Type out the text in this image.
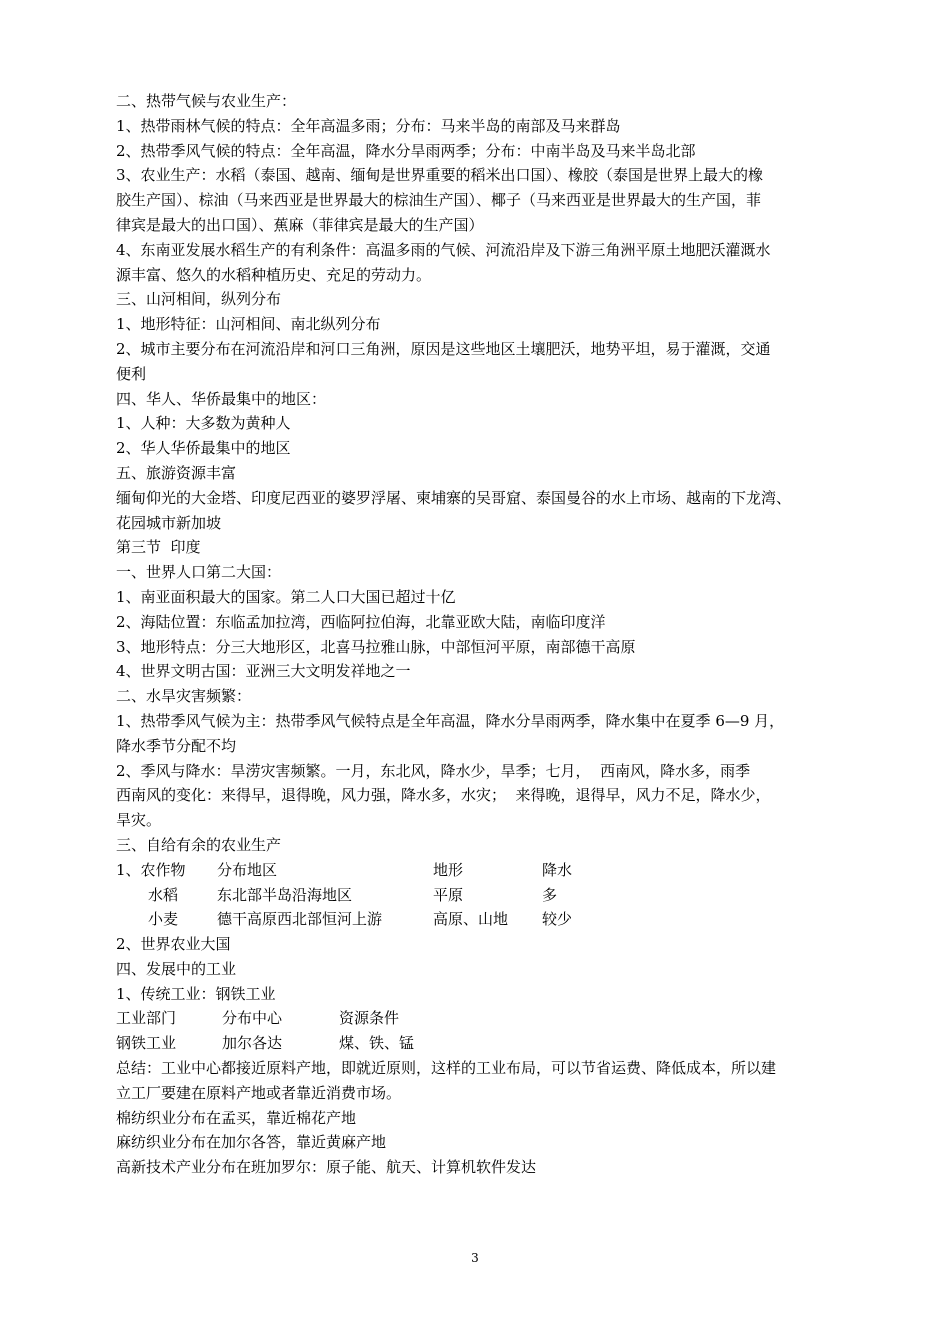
二、热带气候与农业生产：
1、热带雨林气候的特点：全年高温多雨；分布：马来半岛的南部及马来群岛
2、热带季风气候的特点：全年高温，降水分旱雨两季；分布：中南半岛及马来半岛北部
3、农业生产：水稻（泰国、越南、缅甸是世界重要的稻米出口国）、橡胶（泰国是世界上最大的橡
胶生产国）、棕油（马来西亚是世界最大的棕油生产国）、椰子（马来西亚是世界最大的生产国，菲
律宾是最大的出口国）、蕉麻（菲律宾是最大的生产国）
4、东南亚发展水稻生产的有利条件：高温多雨的气候、河流沿岸及下游三角洲平原土地肥沃灌溉水
源丰富、悠久的水稻种植历史、充足的劳动力。
三、山河相间，纵列分布
1、地形特征：山河相间、南北纵列分布
2、城市主要分布在河流沿岸和河口三角洲，原因是这些地区土壤肥沃，地势平坦，易于灌溉，交通
便利
四、华人、华侨最集中的地区：
1、人种：大多数为黄种人
2、华人华侨最集中的地区
五、旅游资源丰富
缅甸仰光的大金塔、印度尼西亚的婆罗浮屠、柬埔寨的吴哥窟、泰国曼谷的水上市场、越南的下龙湾、
花园城市新加坡
第三节  印度
一、世界人口第二大国：
1、南亚面积最大的国家。第二人口大国已超过十亿
2、海陆位置：东临孟加拉湾，西临阿拉伯海，北靠亚欧大陆，南临印度洋
3、地形特点：分三大地形区，北喜马拉雅山脉，中部恒河平原，南部德干高原
4、世界文明古国：亚洲三大文明发祥地之一
二、水旱灾害频繁：
1、热带季风气候为主：热带季风气候特点是全年高温，降水分旱雨两季，降水集中在夏季 6—9 月，
降水季节分配不均
2、季风与降水：旱涝灾害频繁。一月，东北风，降水少，旱季；七月，  西南风，降水多，雨季
西南风的变化：来得早，退得晚，风力强，降水多，水灾；  来得晚，退得早，风力不足，降水少，
旱灾。
三、自给有余的农业生产
1、农作物	分布地区	地形	降水
水稻	东北部半岛沿海地区	平原	多
小麦	德干高原西北部恒河上游	高原、山地	较少
2、世界农业大国
四、发展中的工业
1、传统工业：钢铁工业
工业部门	分布中心	资源条件
钢铁工业	加尔各达	煤、铁、锰
总结：工业中心都接近原料产地，即就近原则，这样的工业布局，可以节省运费、降低成本，所以建
立工厂要建在原料产地或者靠近消费市场。
棉纺织业分布在孟买，靠近棉花产地
麻纺织业分布在加尔各答，靠近黄麻产地
高新技术产业分布在班加罗尔：原子能、航天、计算机软件发达
3
